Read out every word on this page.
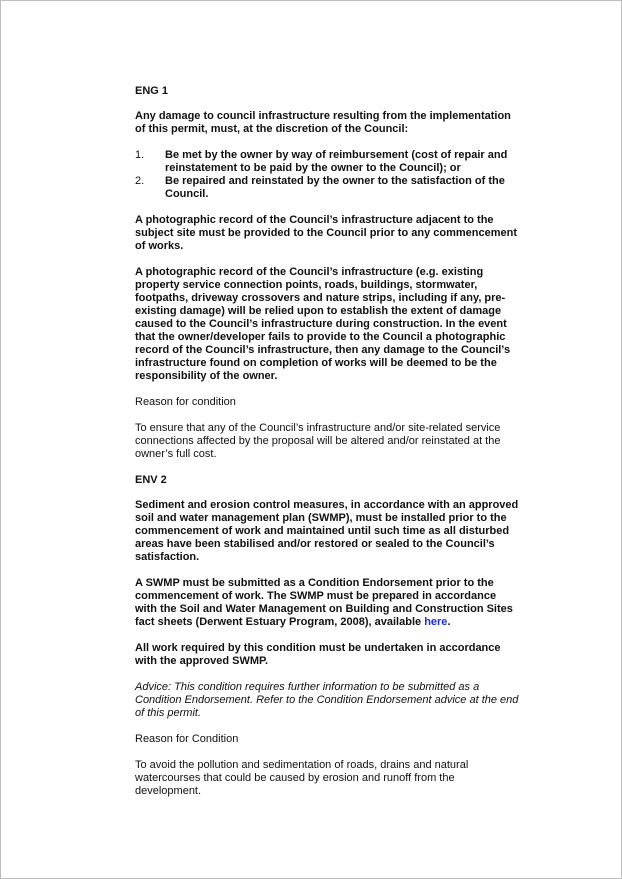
ENG 1
Any damage to council infrastructure resulting from the implementation of this permit, must, at the discretion of the Council:
1.	Be met by the owner by way of reimbursement (cost of repair and reinstatement to be paid by the owner to the Council); or
2.	Be repaired and reinstated by the owner to the satisfaction of the Council.
A photographic record of the Council’s infrastructure adjacent to the subject site must be provided to the Council prior to any commencement of works.
A photographic record of the Council’s infrastructure (e.g. existing property service connection points, roads, buildings, stormwater, footpaths, driveway crossovers and nature strips, including if any, pre-existing damage) will be relied upon to establish the extent of damage caused to the Council’s infrastructure during construction. In the event that the owner/developer fails to provide to the Council a photographic record of the Council’s infrastructure, then any damage to the Council’s infrastructure found on completion of works will be deemed to be the responsibility of the owner.
Reason for condition
To ensure that any of the Council’s infrastructure and/or site-related service connections affected by the proposal will be altered and/or reinstated at the owner’s full cost.
ENV 2
Sediment and erosion control measures, in accordance with an approved soil and water management plan (SWMP), must be installed prior to the commencement of work and maintained until such time as all disturbed areas have been stabilised and/or restored or sealed to the Council’s satisfaction.
A SWMP must be submitted as a Condition Endorsement prior to the commencement of work. The SWMP must be prepared in accordance with the Soil and Water Management on Building and Construction Sites fact sheets (Derwent Estuary Program, 2008), available here.
All work required by this condition must be undertaken in accordance with the approved SWMP.
Advice: This condition requires further information to be submitted as a Condition Endorsement. Refer to the Condition Endorsement advice at the end of this permit.
Reason for Condition
To avoid the pollution and sedimentation of roads, drains and natural watercourses that could be caused by erosion and runoff from the development.
